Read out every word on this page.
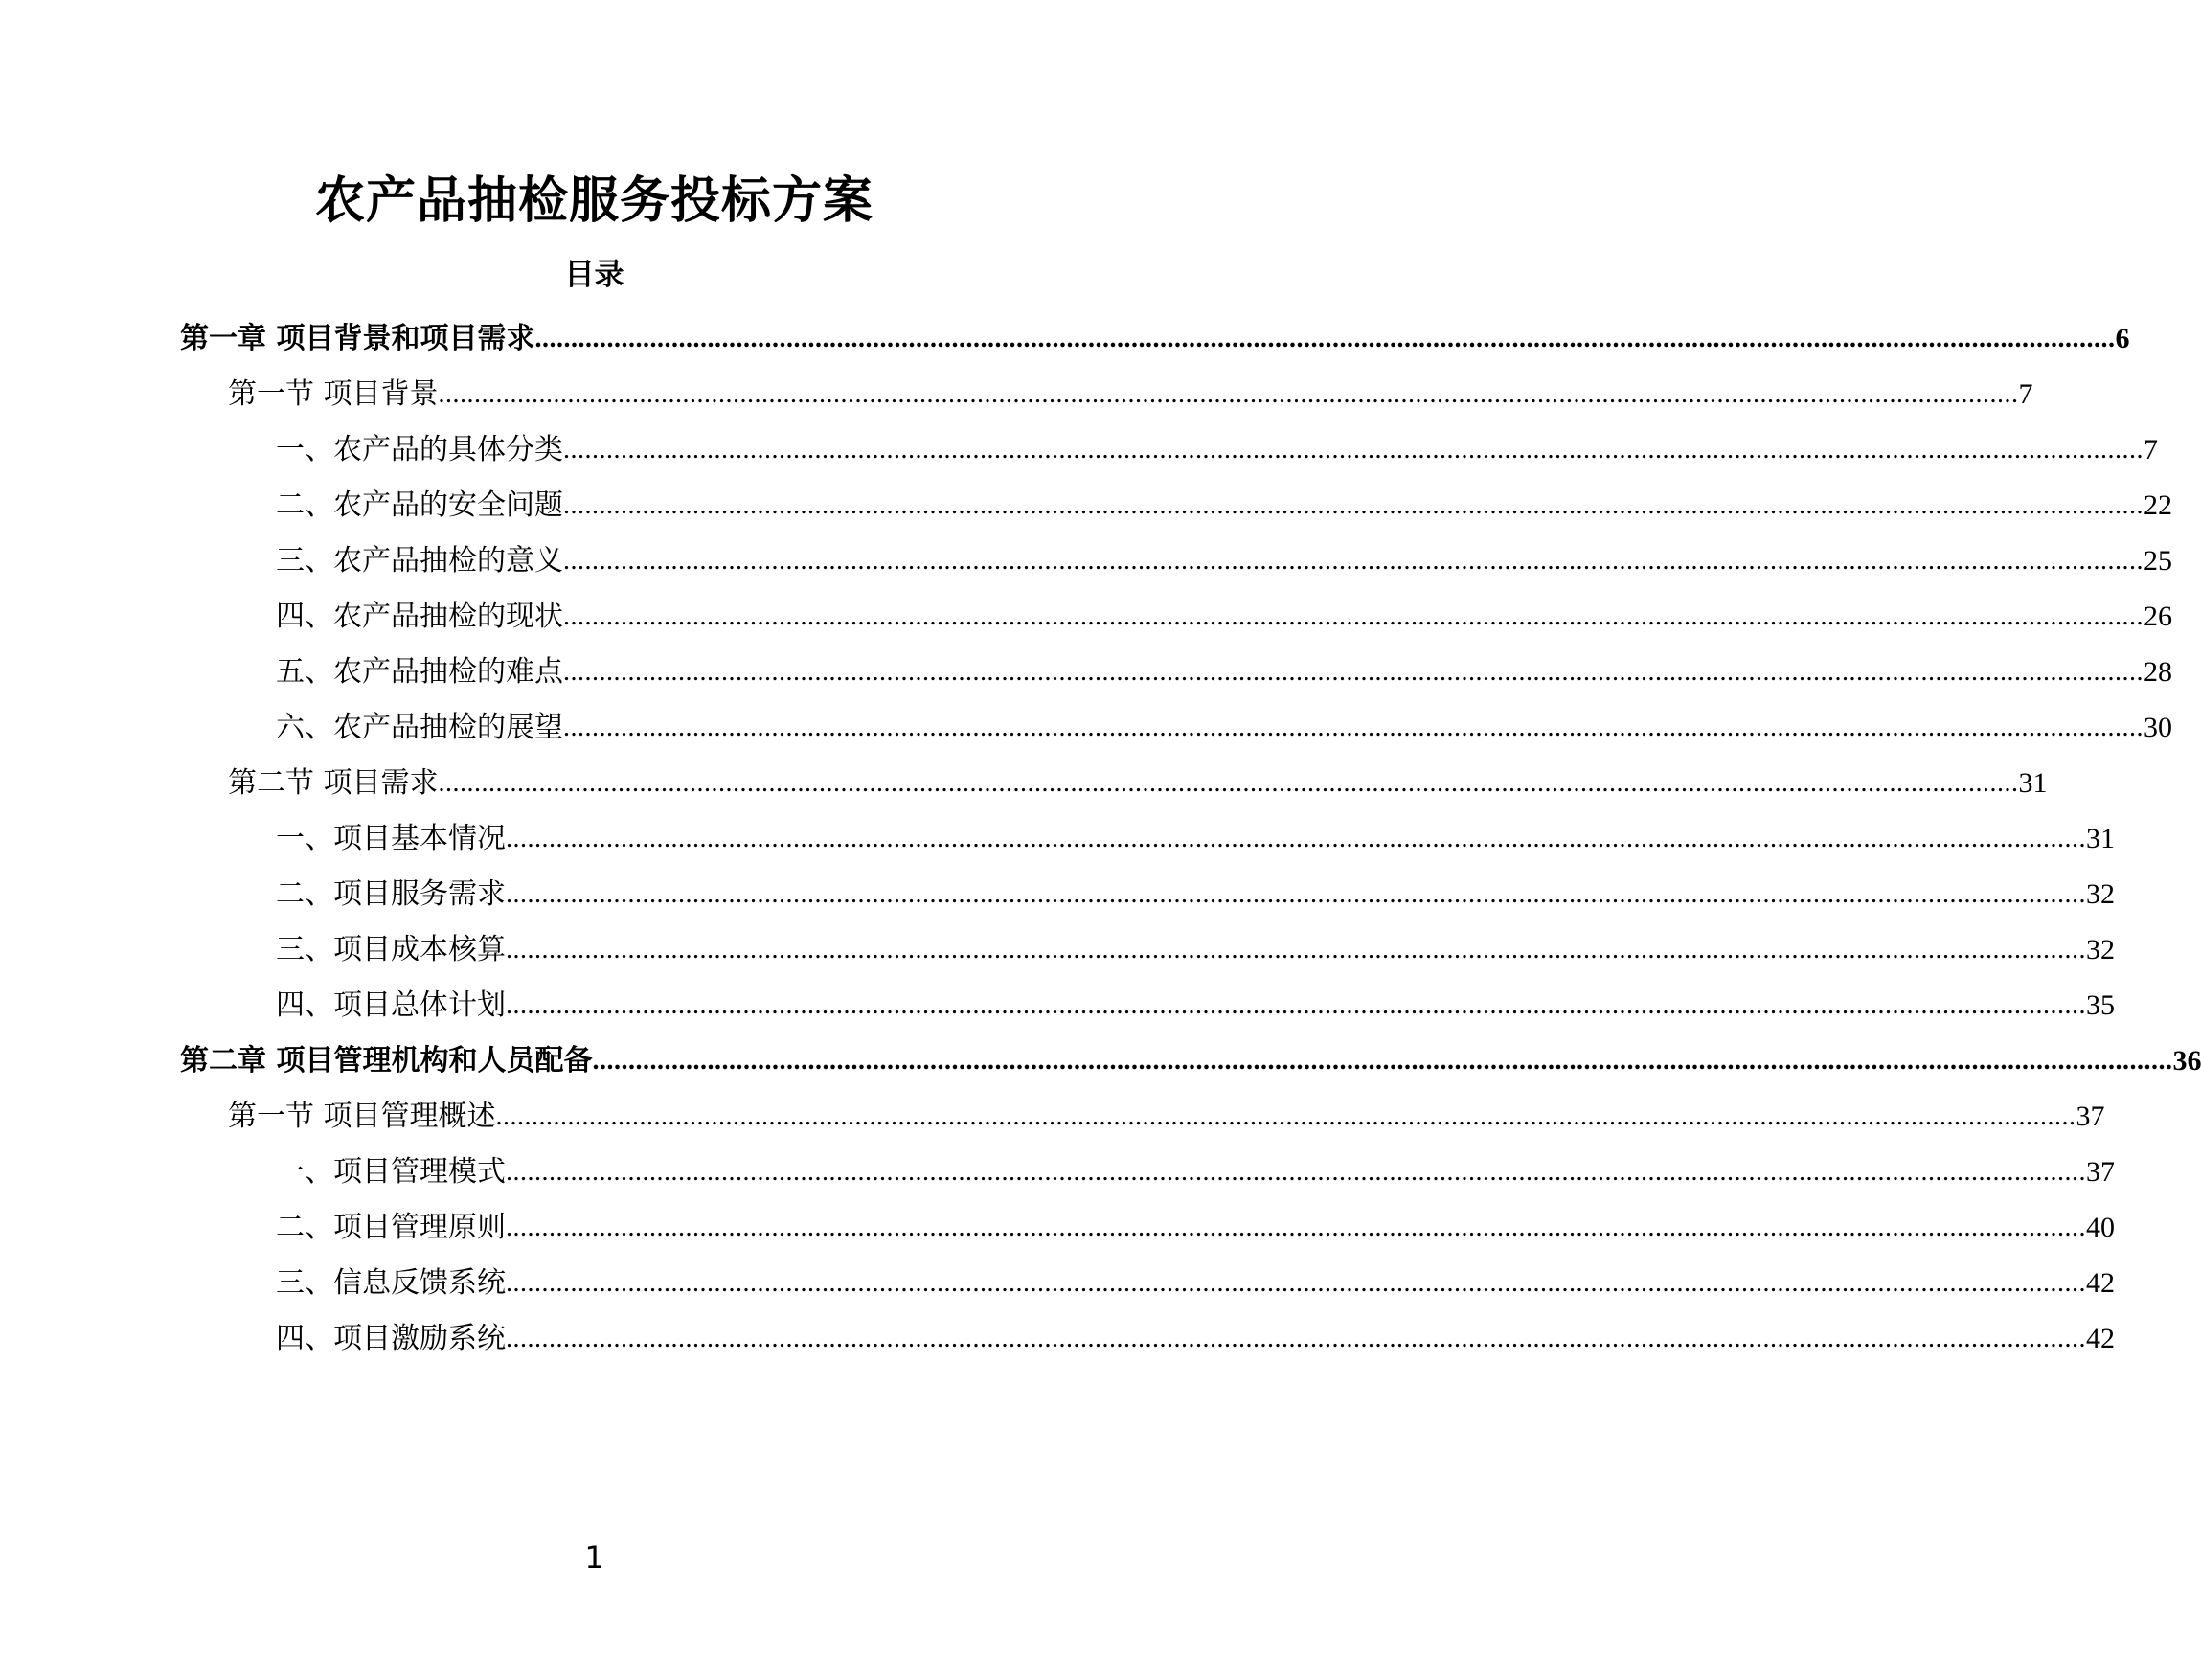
农产品抽检服务投标方案
目录
第一章 项目背景和项目需求 ............................................................................................................................................................................................................................ 6
第一节 项目背景 ............................................................................................................................................................................................................................ 7
一、农产品的具体分类 ............................................................................................................................................................................................................................ 7
二、农产品的安全问题 ............................................................................................................................................................................................................................ 22
三、农产品抽检的意义 ............................................................................................................................................................................................................................ 25
四、农产品抽检的现状 ............................................................................................................................................................................................................................ 26
五、农产品抽检的难点 ............................................................................................................................................................................................................................ 28
六、农产品抽检的展望 ............................................................................................................................................................................................................................ 30
第二节 项目需求 ............................................................................................................................................................................................................................ 31
一、项目基本情况 ............................................................................................................................................................................................................................ 31
二、项目服务需求 ............................................................................................................................................................................................................................ 32
三、项目成本核算 ............................................................................................................................................................................................................................ 32
四、项目总体计划 ............................................................................................................................................................................................................................ 35
第二章 项目管理机构和人员配备 ............................................................................................................................................................................................................................ 36
第一节 项目管理概述 ............................................................................................................................................................................................................................ 37
一、项目管理模式 ............................................................................................................................................................................................................................ 37
二、项目管理原则 ............................................................................................................................................................................................................................ 40
三、信息反馈系统 ............................................................................................................................................................................................................................ 42
四、项目激励系统 ............................................................................................................................................................................................................................ 42
1
